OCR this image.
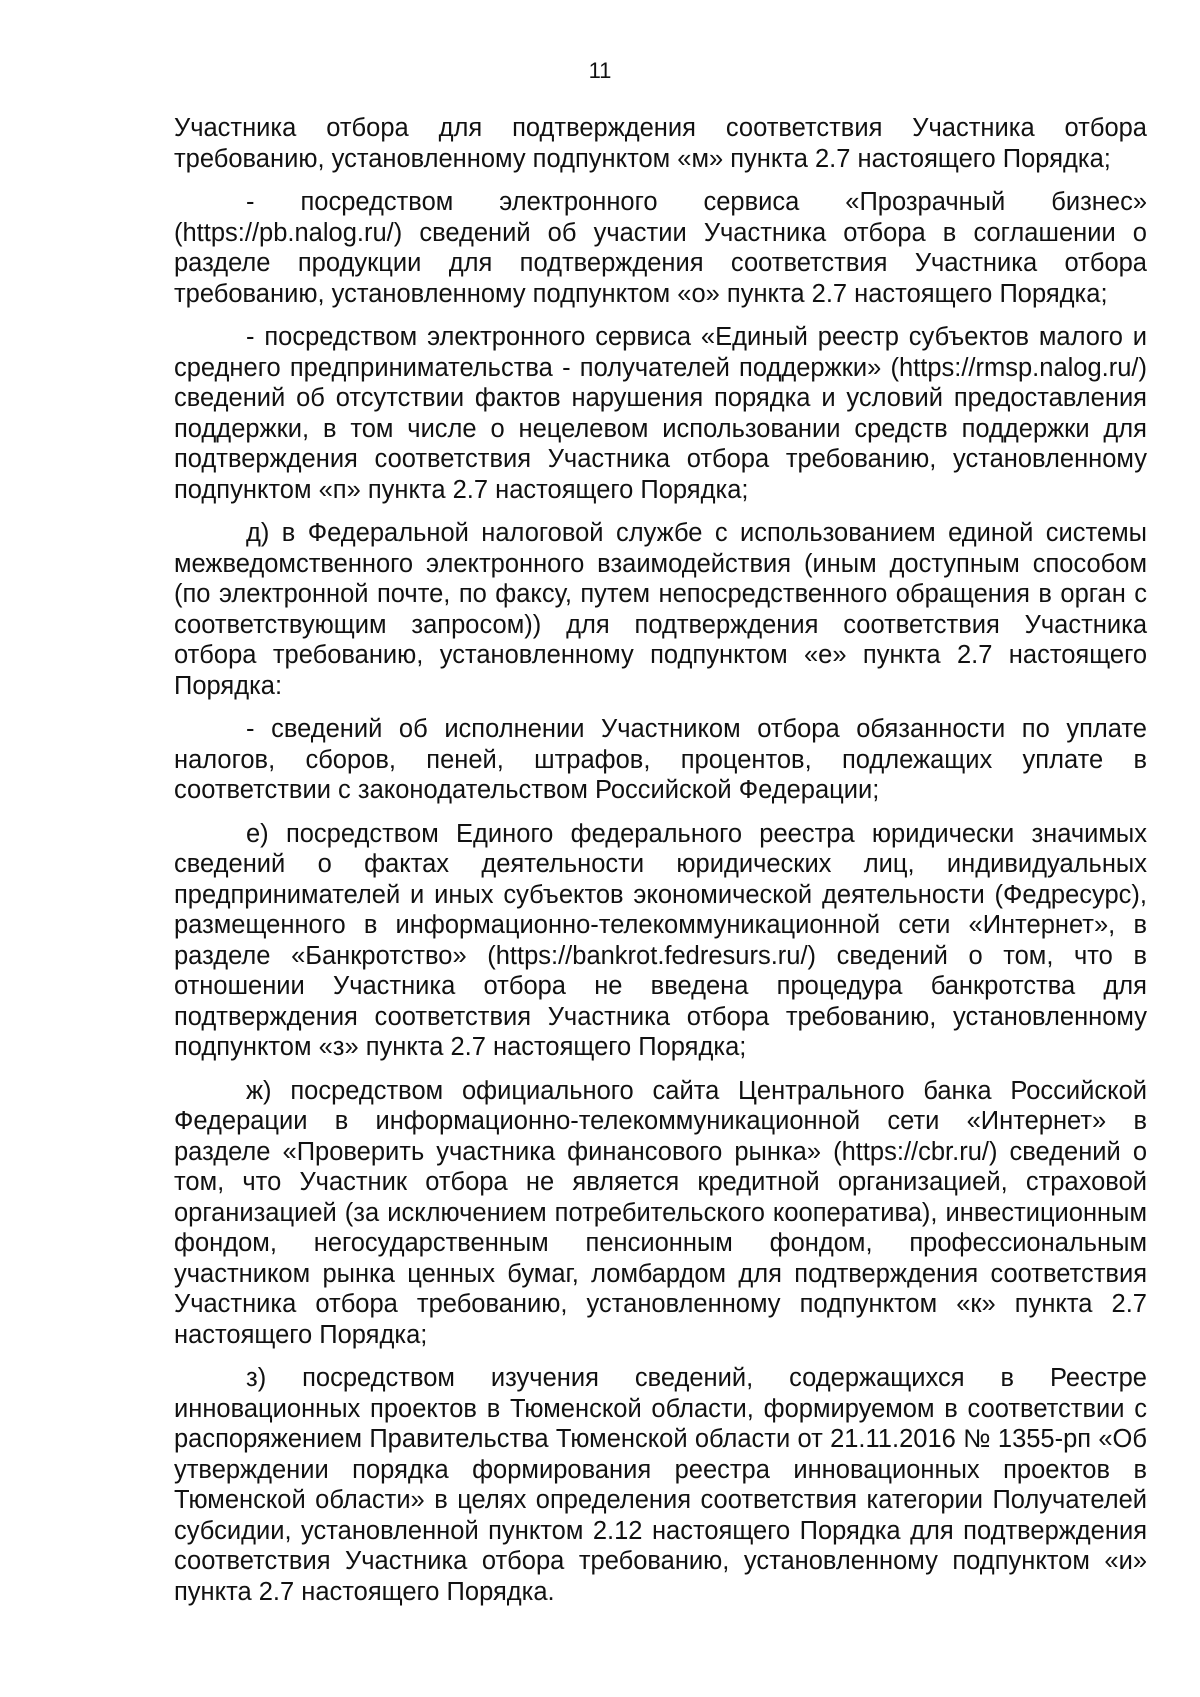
11

Участника отбора для подтверждения соответствия Участника отбора требованию, установленному подпунктом «м» пункта 2.7 настоящего Порядка;

- посредством электронного сервиса «Прозрачный бизнес» (https://pb.nalog.ru/) сведений об участии Участника отбора в соглашении о разделе продукции для подтверждения соответствия Участника отбора требованию, установленному подпунктом «о» пункта 2.7 настоящего Порядка;

- посредством электронного сервиса «Единый реестр субъектов малого и среднего предпринимательства - получателей поддержки» (https://rmsp.nalog.ru/) сведений об отсутствии фактов нарушения порядка и условий предоставления поддержки, в том числе о нецелевом использовании средств поддержки для подтверждения соответствия Участника отбора требованию, установленному подпунктом «п» пункта 2.7 настоящего Порядка;

д) в Федеральной налоговой службе с использованием единой системы межведомственного электронного взаимодействия (иным доступным способом (по электронной почте, по факсу, путем непосредственного обращения в орган с соответствующим запросом)) для подтверждения соответствия Участника отбора требованию, установленному подпунктом «е» пункта 2.7 настоящего Порядка:

- сведений об исполнении Участником отбора обязанности по уплате налогов, сборов, пеней, штрафов, процентов, подлежащих уплате в соответствии с законодательством Российской Федерации;

е) посредством Единого федерального реестра юридически значимых сведений о фактах деятельности юридических лиц, индивидуальных предпринимателей и иных субъектов экономической деятельности (Федресурс), размещенного в информационно-телекоммуникационной сети «Интернет», в разделе «Банкротство» (https://bankrot.fedresurs.ru/) сведений о том, что в отношении Участника отбора не введена процедура банкротства для подтверждения соответствия Участника отбора требованию, установленному подпунктом «з» пункта 2.7 настоящего Порядка;

ж) посредством официального сайта Центрального банка Российской Федерации в информационно-телекоммуникационной сети «Интернет» в разделе «Проверить участника финансового рынка» (https://cbr.ru/) сведений о том, что Участник отбора не является кредитной организацией, страховой организацией (за исключением потребительского кооператива), инвестиционным фондом, негосударственным пенсионным фондом, профессиональным участником рынка ценных бумаг, ломбардом для подтверждения соответствия Участника отбора требованию, установленному подпунктом «к» пункта 2.7 настоящего Порядка;

з) посредством изучения сведений, содержащихся в Реестре инновационных проектов в Тюменской области, формируемом в соответствии с распоряжением Правительства Тюменской области от 21.11.2016 № 1355-рп «Об утверждении порядка формирования реестра инновационных проектов в Тюменской области» в целях определения соответствия категории Получателей субсидии, установленной пунктом 2.12 настоящего Порядка для подтверждения соответствия Участника отбора требованию, установленному подпунктом «и» пункта 2.7 настоящего Порядка.
